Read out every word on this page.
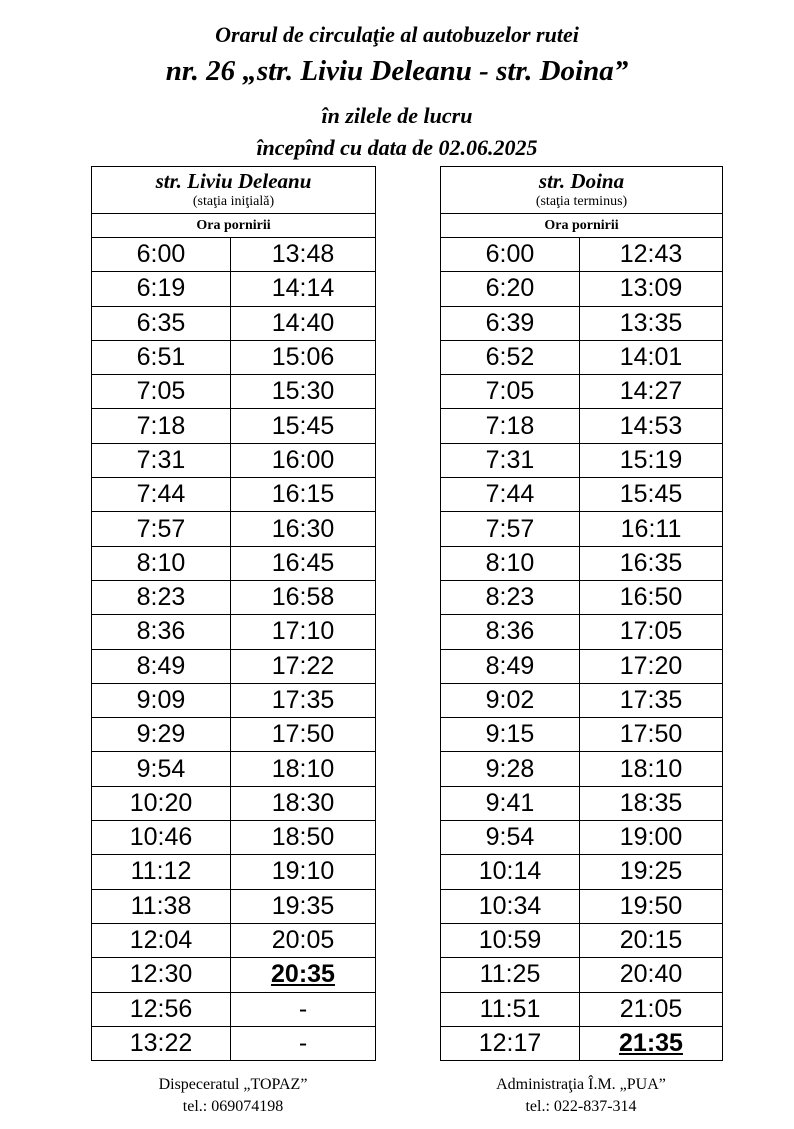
Orarul de circulaţie al autobuzelor rutei
nr. 26 „str. Liviu Deleanu - str. Doina”
în zilele de lucru
începînd cu data de 02.06.2025
str. Liviu Deleanu
(staţia iniţială)	

Ora pornirii	
6:00	13:48
6:19	14:14
6:35	14:40
6:51	15:06
7:05	15:30
7:18	15:45
7:31	16:00
7:44	16:15
7:57	16:30
8:10	16:45
8:23	16:58
8:36	17:10
8:49	17:22
9:09	17:35
9:29	17:50
9:54	18:10
10:20	18:30
10:46	18:50
11:12	19:10
11:38	19:35
12:04	20:05
12:30	20:35
12:56	-
13:22	-
str. Doina
(staţia terminus)	

Ora pornirii	
6:00	12:43
6:20	13:09
6:39	13:35
6:52	14:01
7:05	14:27
7:18	14:53
7:31	15:19
7:44	15:45
7:57	16:11
8:10	16:35
8:23	16:50
8:36	17:05
8:49	17:20
9:02	17:35
9:15	17:50
9:28	18:10
9:41	18:35
9:54	19:00
10:14	19:25
10:34	19:50
10:59	20:15
11:25	20:40
11:51	21:05
12:17	21:35
Dispeceratul „TOPAZ”
tel.: 069074198
Administraţia Î.M. „PUA”
tel.: 022-837-314
